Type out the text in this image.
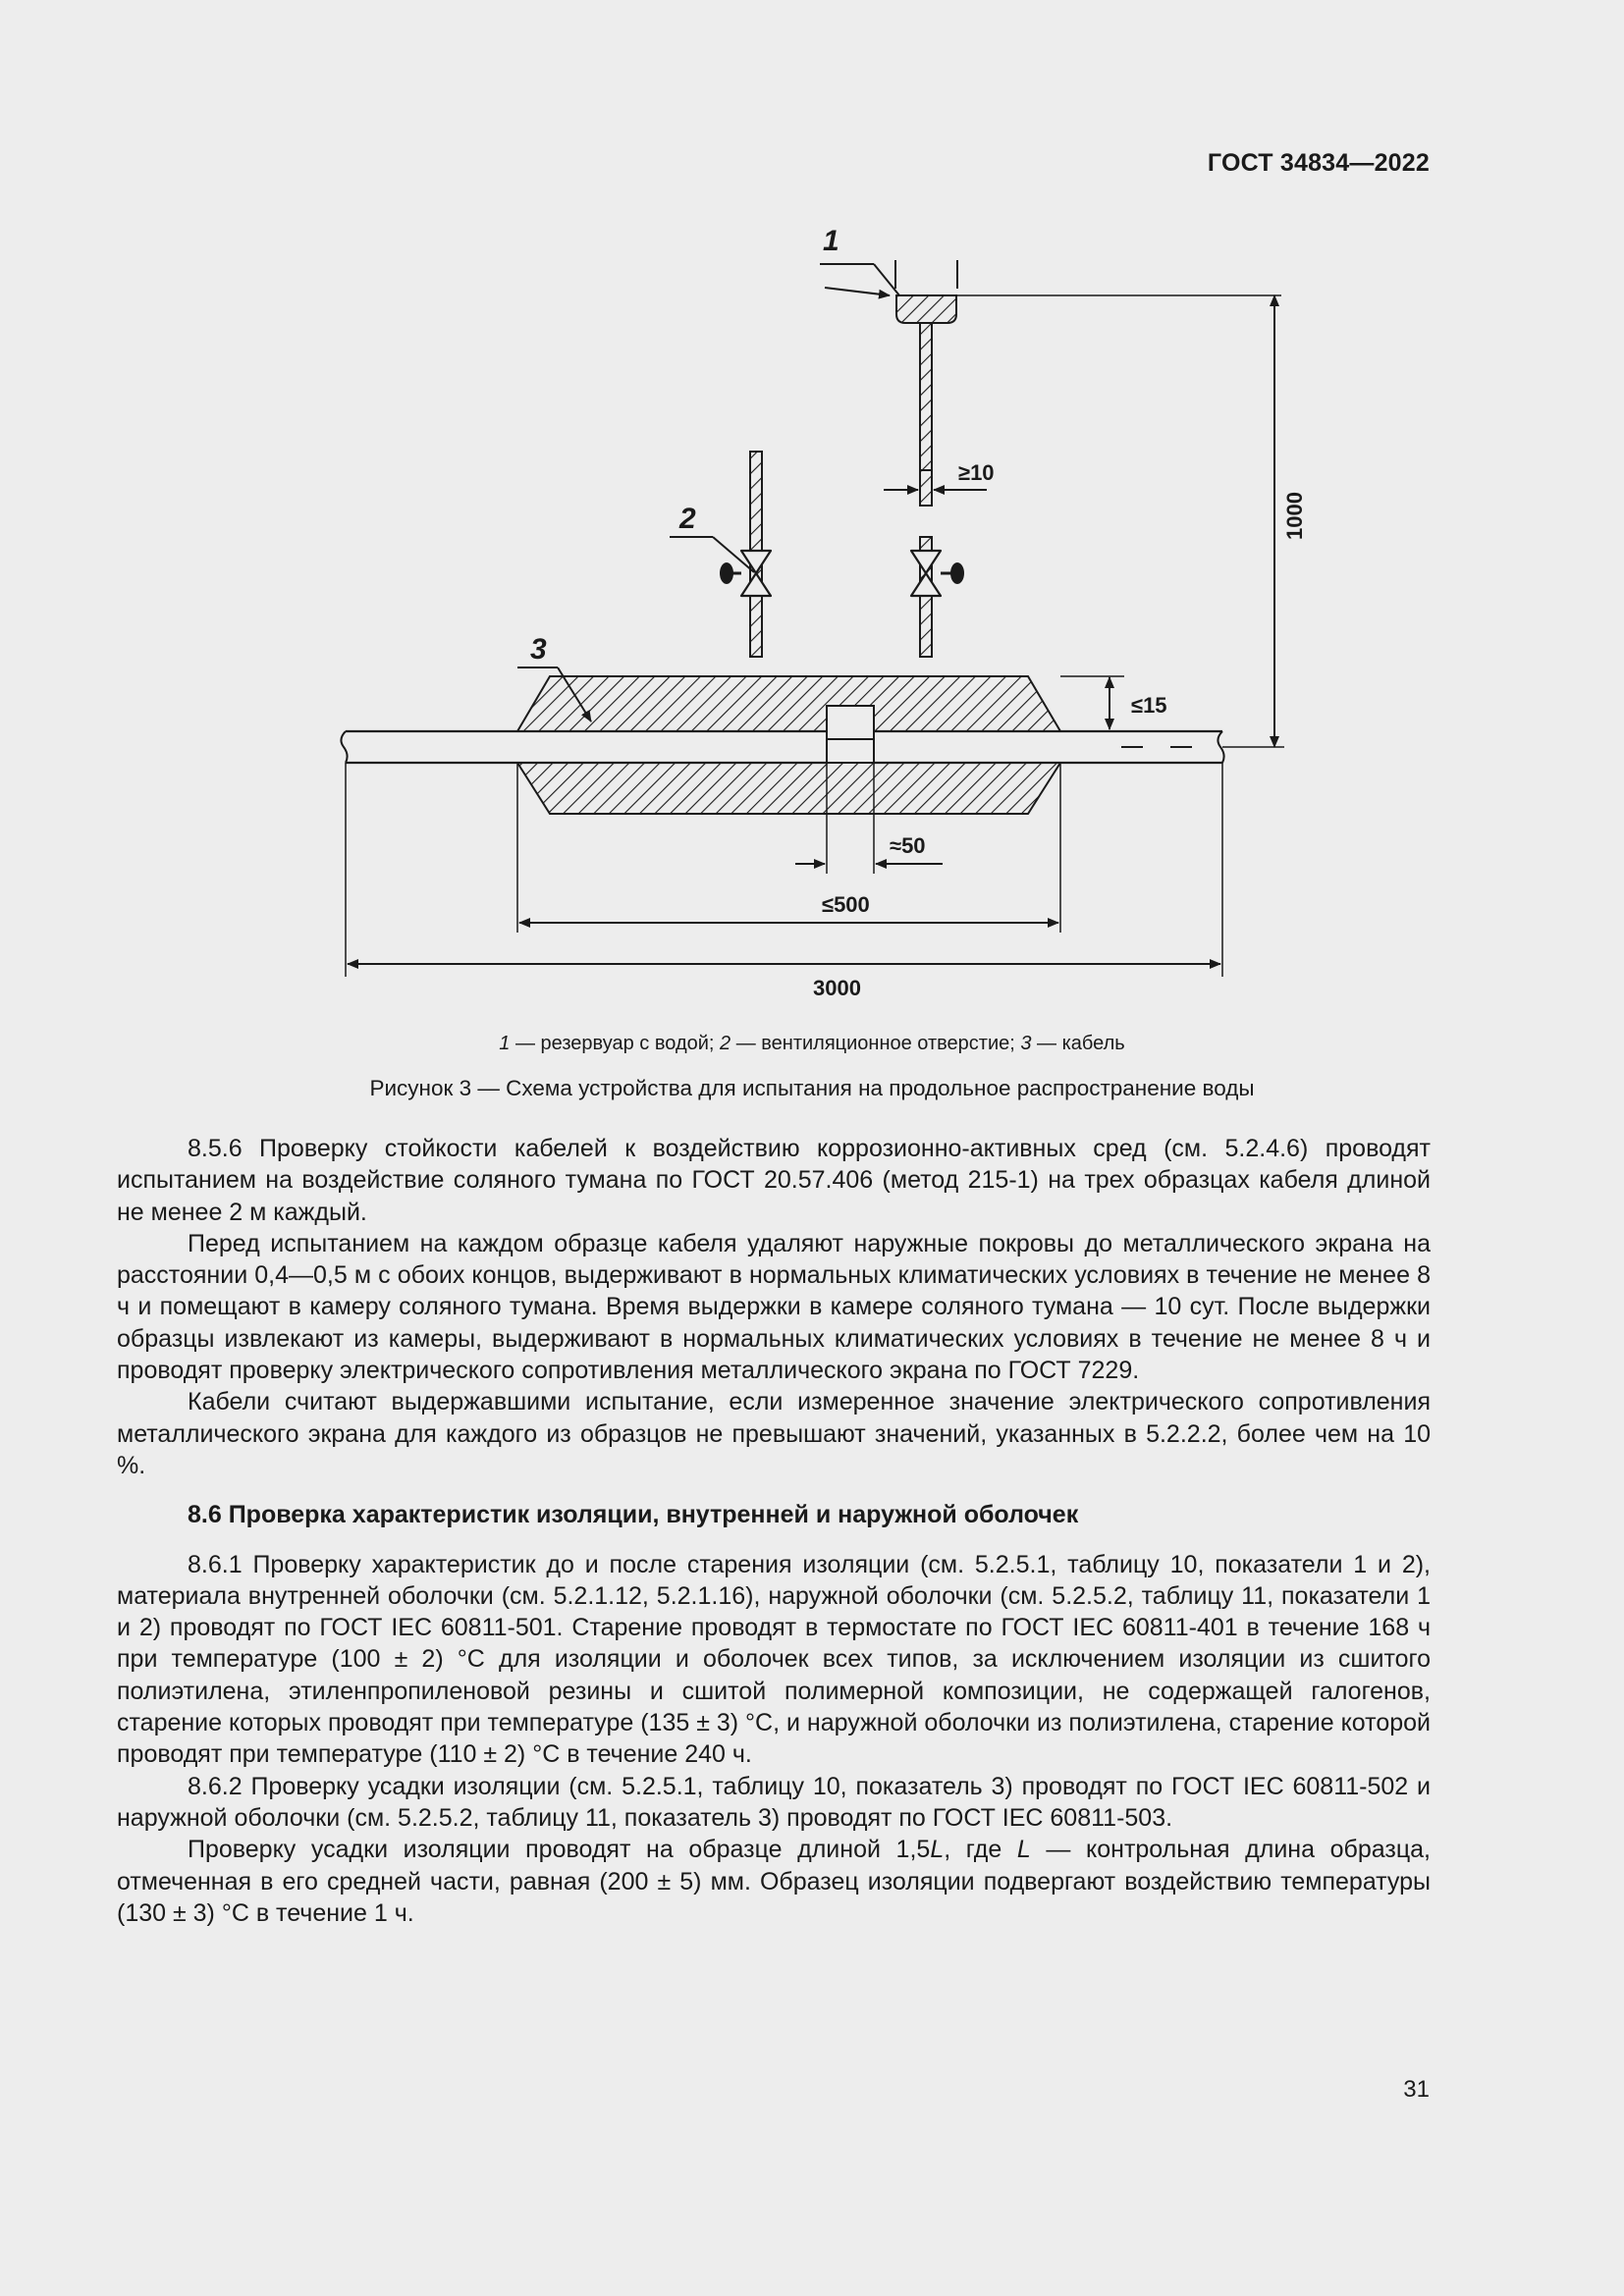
ГОСТ 34834—2022
1
2
3
1000
≥10
≤15
≈50
≤500
3000
1 — резервуар с водой; 2 — вентиляционное отверстие; 3 — кабель
Рисунок 3 — Схема устройства для испытания на продольное распространение воды

8.5.6 Проверку стойкости кабелей к воздействию коррозионно-активных сред (см. 5.2.4.6) проводят испытанием на воздействие соляного тумана по ГОСТ 20.57.406 (метод 215-1) на трех образцах кабеля длиной не менее 2 м каждый.

Перед испытанием на каждом образце кабеля удаляют наружные покровы до металлического экрана на расстоянии 0,4—0,5 м с обоих концов, выдерживают в нормальных климатических условиях в течение не менее 8 ч и помещают в камеру соляного тумана. Время выдержки в камере соляного тумана — 10 сут. После выдержки образцы извлекают из камеры, выдерживают в нормальных климатических условиях в течение не менее 8 ч и проводят проверку электрического сопротивления металлического экрана по ГОСТ 7229.

Кабели считают выдержавшими испытание, если измеренное значение электрического сопротивления металлического экрана для каждого из образцов не превышают значений, указанных в 5.2.2.2, более чем на 10 %.

8.6 Проверка характеристик изоляции, внутренней и наружной оболочек

8.6.1 Проверку характеристик до и после старения изоляции (см. 5.2.5.1, таблицу 10, показатели 1 и 2), материала внутренней оболочки (см. 5.2.1.12, 5.2.1.16), наружной оболочки (см. 5.2.5.2, таблицу 11, показатели 1 и 2) проводят по ГОСТ IEC 60811-501. Старение проводят в термостате по ГОСТ IEC 60811-401 в течение 168 ч при температуре (100 ± 2) °С для изоляции и оболочек всех типов, за исключением изоляции из сшитого полиэтилена, этиленпропиленовой резины и сшитой полимерной композиции, не содержащей галогенов, старение которых проводят при температуре (135 ± 3) °С, и наружной оболочки из полиэтилена, старение которой проводят при температуре (110 ± 2) °С в течение 240 ч.

8.6.2 Проверку усадки изоляции (см. 5.2.5.1, таблицу 10, показатель 3) проводят по ГОСТ IEC 60811-502 и наружной оболочки (см. 5.2.5.2, таблицу 11, показатель 3) проводят по ГОСТ IEC 60811-503.

Проверку усадки изоляции проводят на образце длиной 1,5L, где L — контрольная длина образца, отмеченная в его средней части, равная (200 ± 5) мм. Образец изоляции подвергают воздействию температуры (130 ± 3) °С в течение 1 ч.

31
